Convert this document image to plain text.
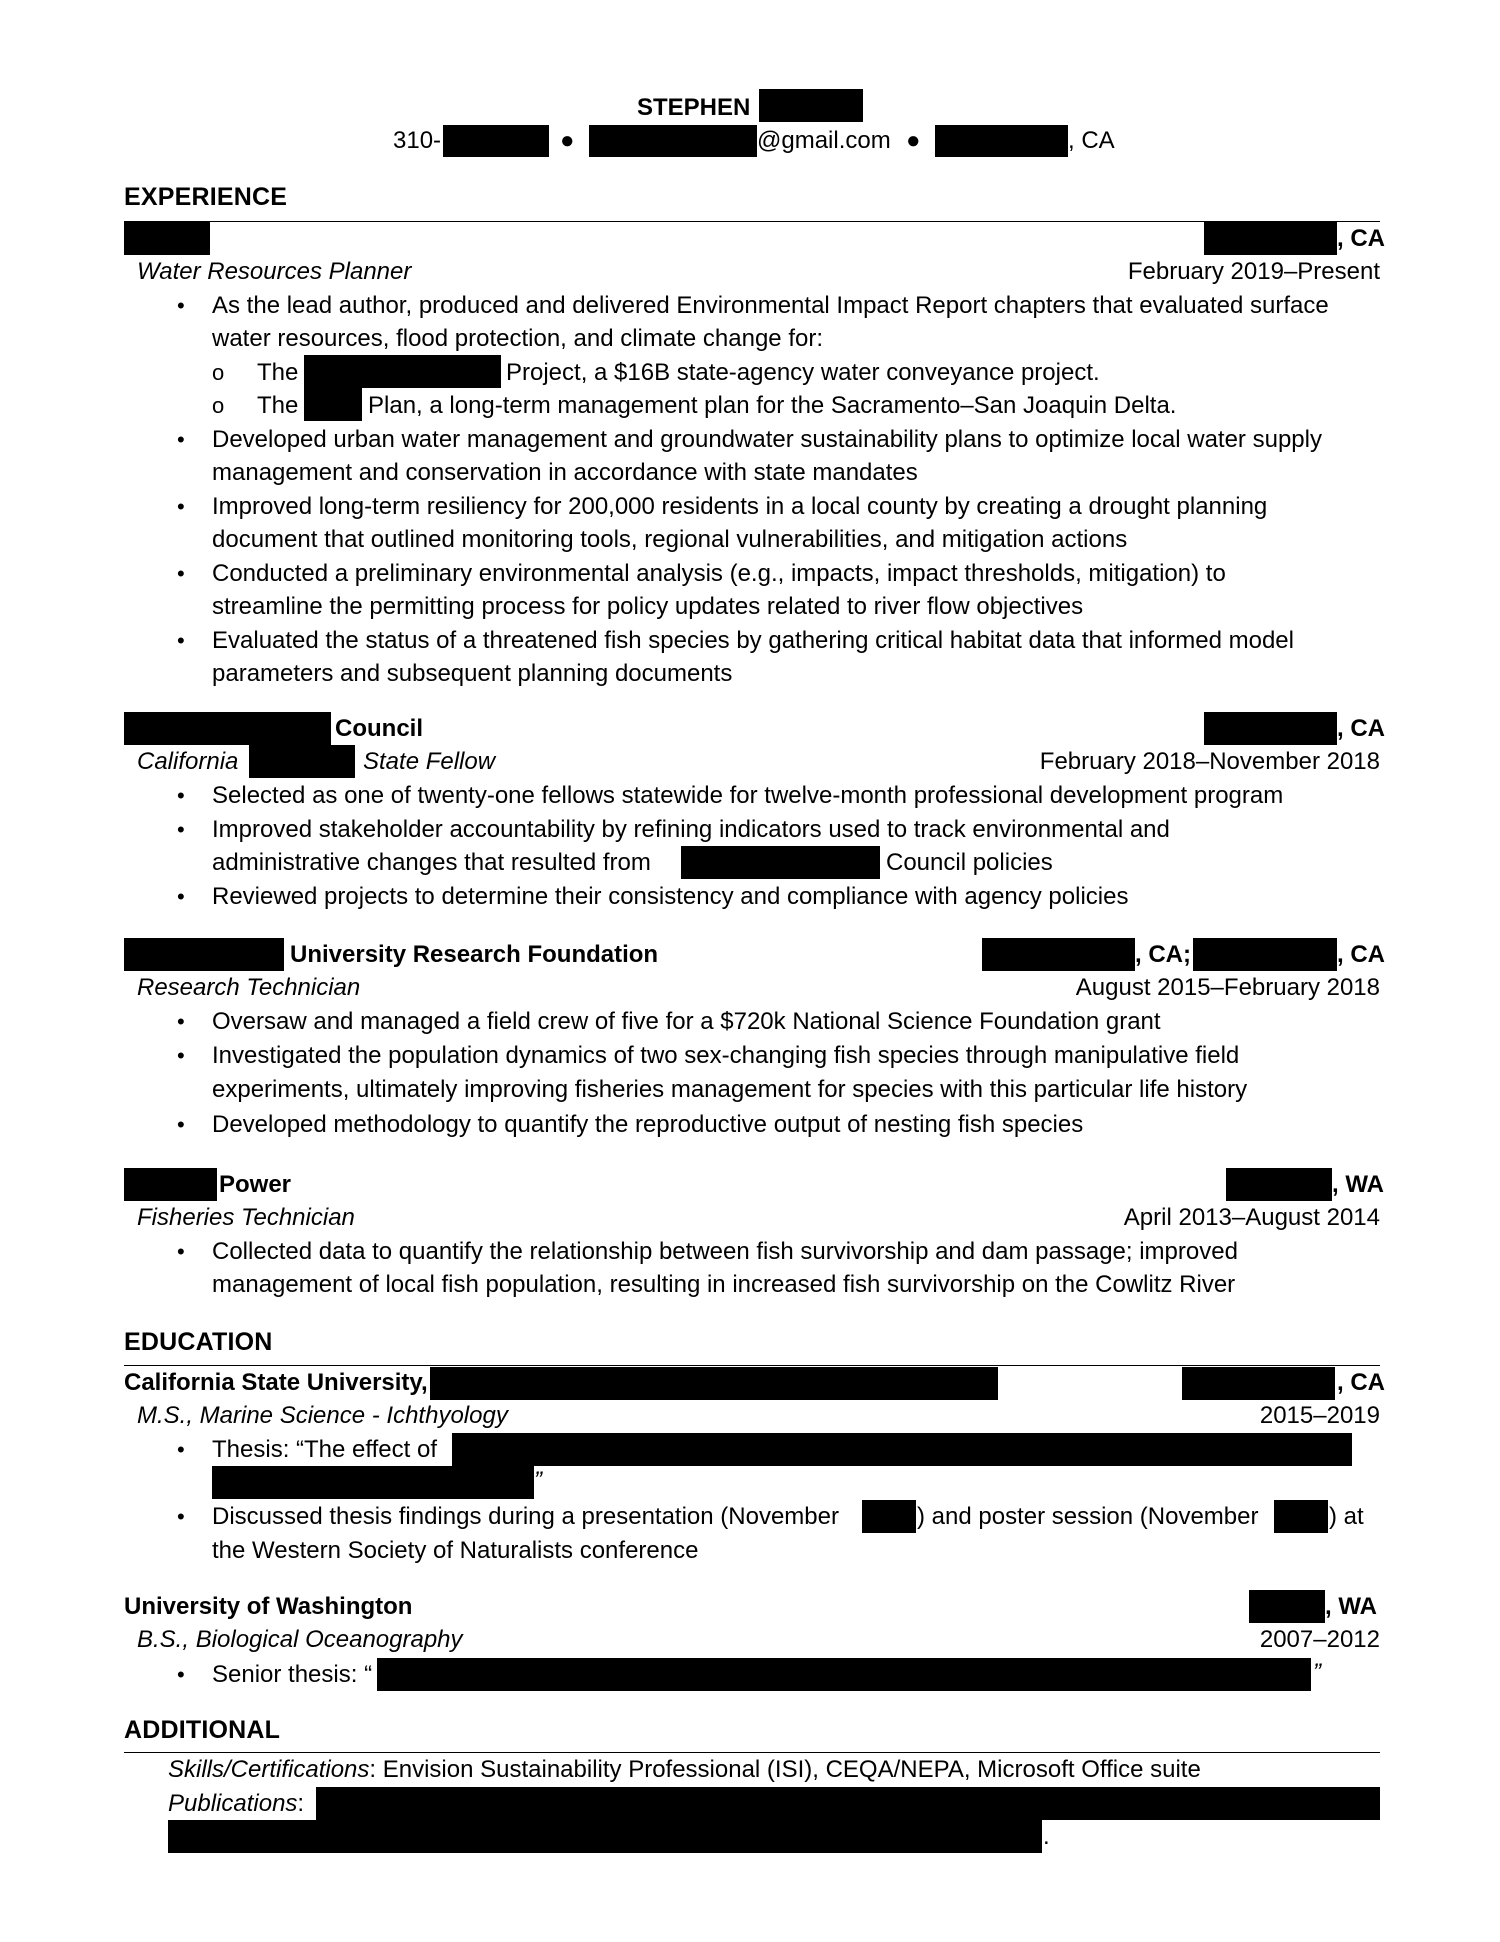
STEPHEN
310-	●	@gmail.com ●	, CA
EXPERIENCE
, CA
Water Resources Planner	February 2019–Present
• As the lead author, produced and delivered Environmental Impact Report chapters that evaluated surface
water resources, flood protection, and climate change for:
o The	Project, a $16B state-agency water conveyance project.
o The	Plan, a long-term management plan for the Sacramento–San Joaquin Delta.
• Developed urban water management and groundwater sustainability plans to optimize local water supply
management and conservation in accordance with state mandates
• Improved long-term resiliency for 200,000 residents in a local county by creating a drought planning
document that outlined monitoring tools, regional vulnerabilities, and mitigation actions
• Conducted a preliminary environmental analysis (e.g., impacts, impact thresholds, mitigation) to
streamline the permitting process for policy updates related to river flow objectives
• Evaluated the status of a threatened fish species by gathering critical habitat data that informed model
parameters and subsequent planning documents
Council	, CA
California	State Fellow	February 2018–November 2018
• Selected as one of twenty-one fellows statewide for twelve-month professional development program
• Improved stakeholder accountability by refining indicators used to track environmental and
administrative changes that resulted from	Council policies
• Reviewed projects to determine their consistency and compliance with agency policies
University Research Foundation	, CA;	, CA
Research Technician	August 2015–February 2018
• Oversaw and managed a field crew of five for a $720k National Science Foundation grant
• Investigated the population dynamics of two sex-changing fish species through manipulative field
experiments, ultimately improving fisheries management for species with this particular life history
• Developed methodology to quantify the reproductive output of nesting fish species
Power	, WA
Fisheries Technician	April 2013–August 2014
• Collected data to quantify the relationship between fish survivorship and dam passage; improved
management of local fish population, resulting in increased fish survivorship on the Cowlitz River
EDUCATION
California State University,	, CA
M.S., Marine Science - Ichthyology	2015–2019
• Thesis: “The effect of
”
• Discussed thesis findings during a presentation (November	) and poster session (November	) at
the Western Society of Naturalists conference
University of Washington	, WA
B.S., Biological Oceanography	2007–2012
• Senior thesis: “	”
ADDITIONAL
Skills/Certifications: Envision Sustainability Professional (ISI), CEQA/NEPA, Microsoft Office suite
Publications:
.
